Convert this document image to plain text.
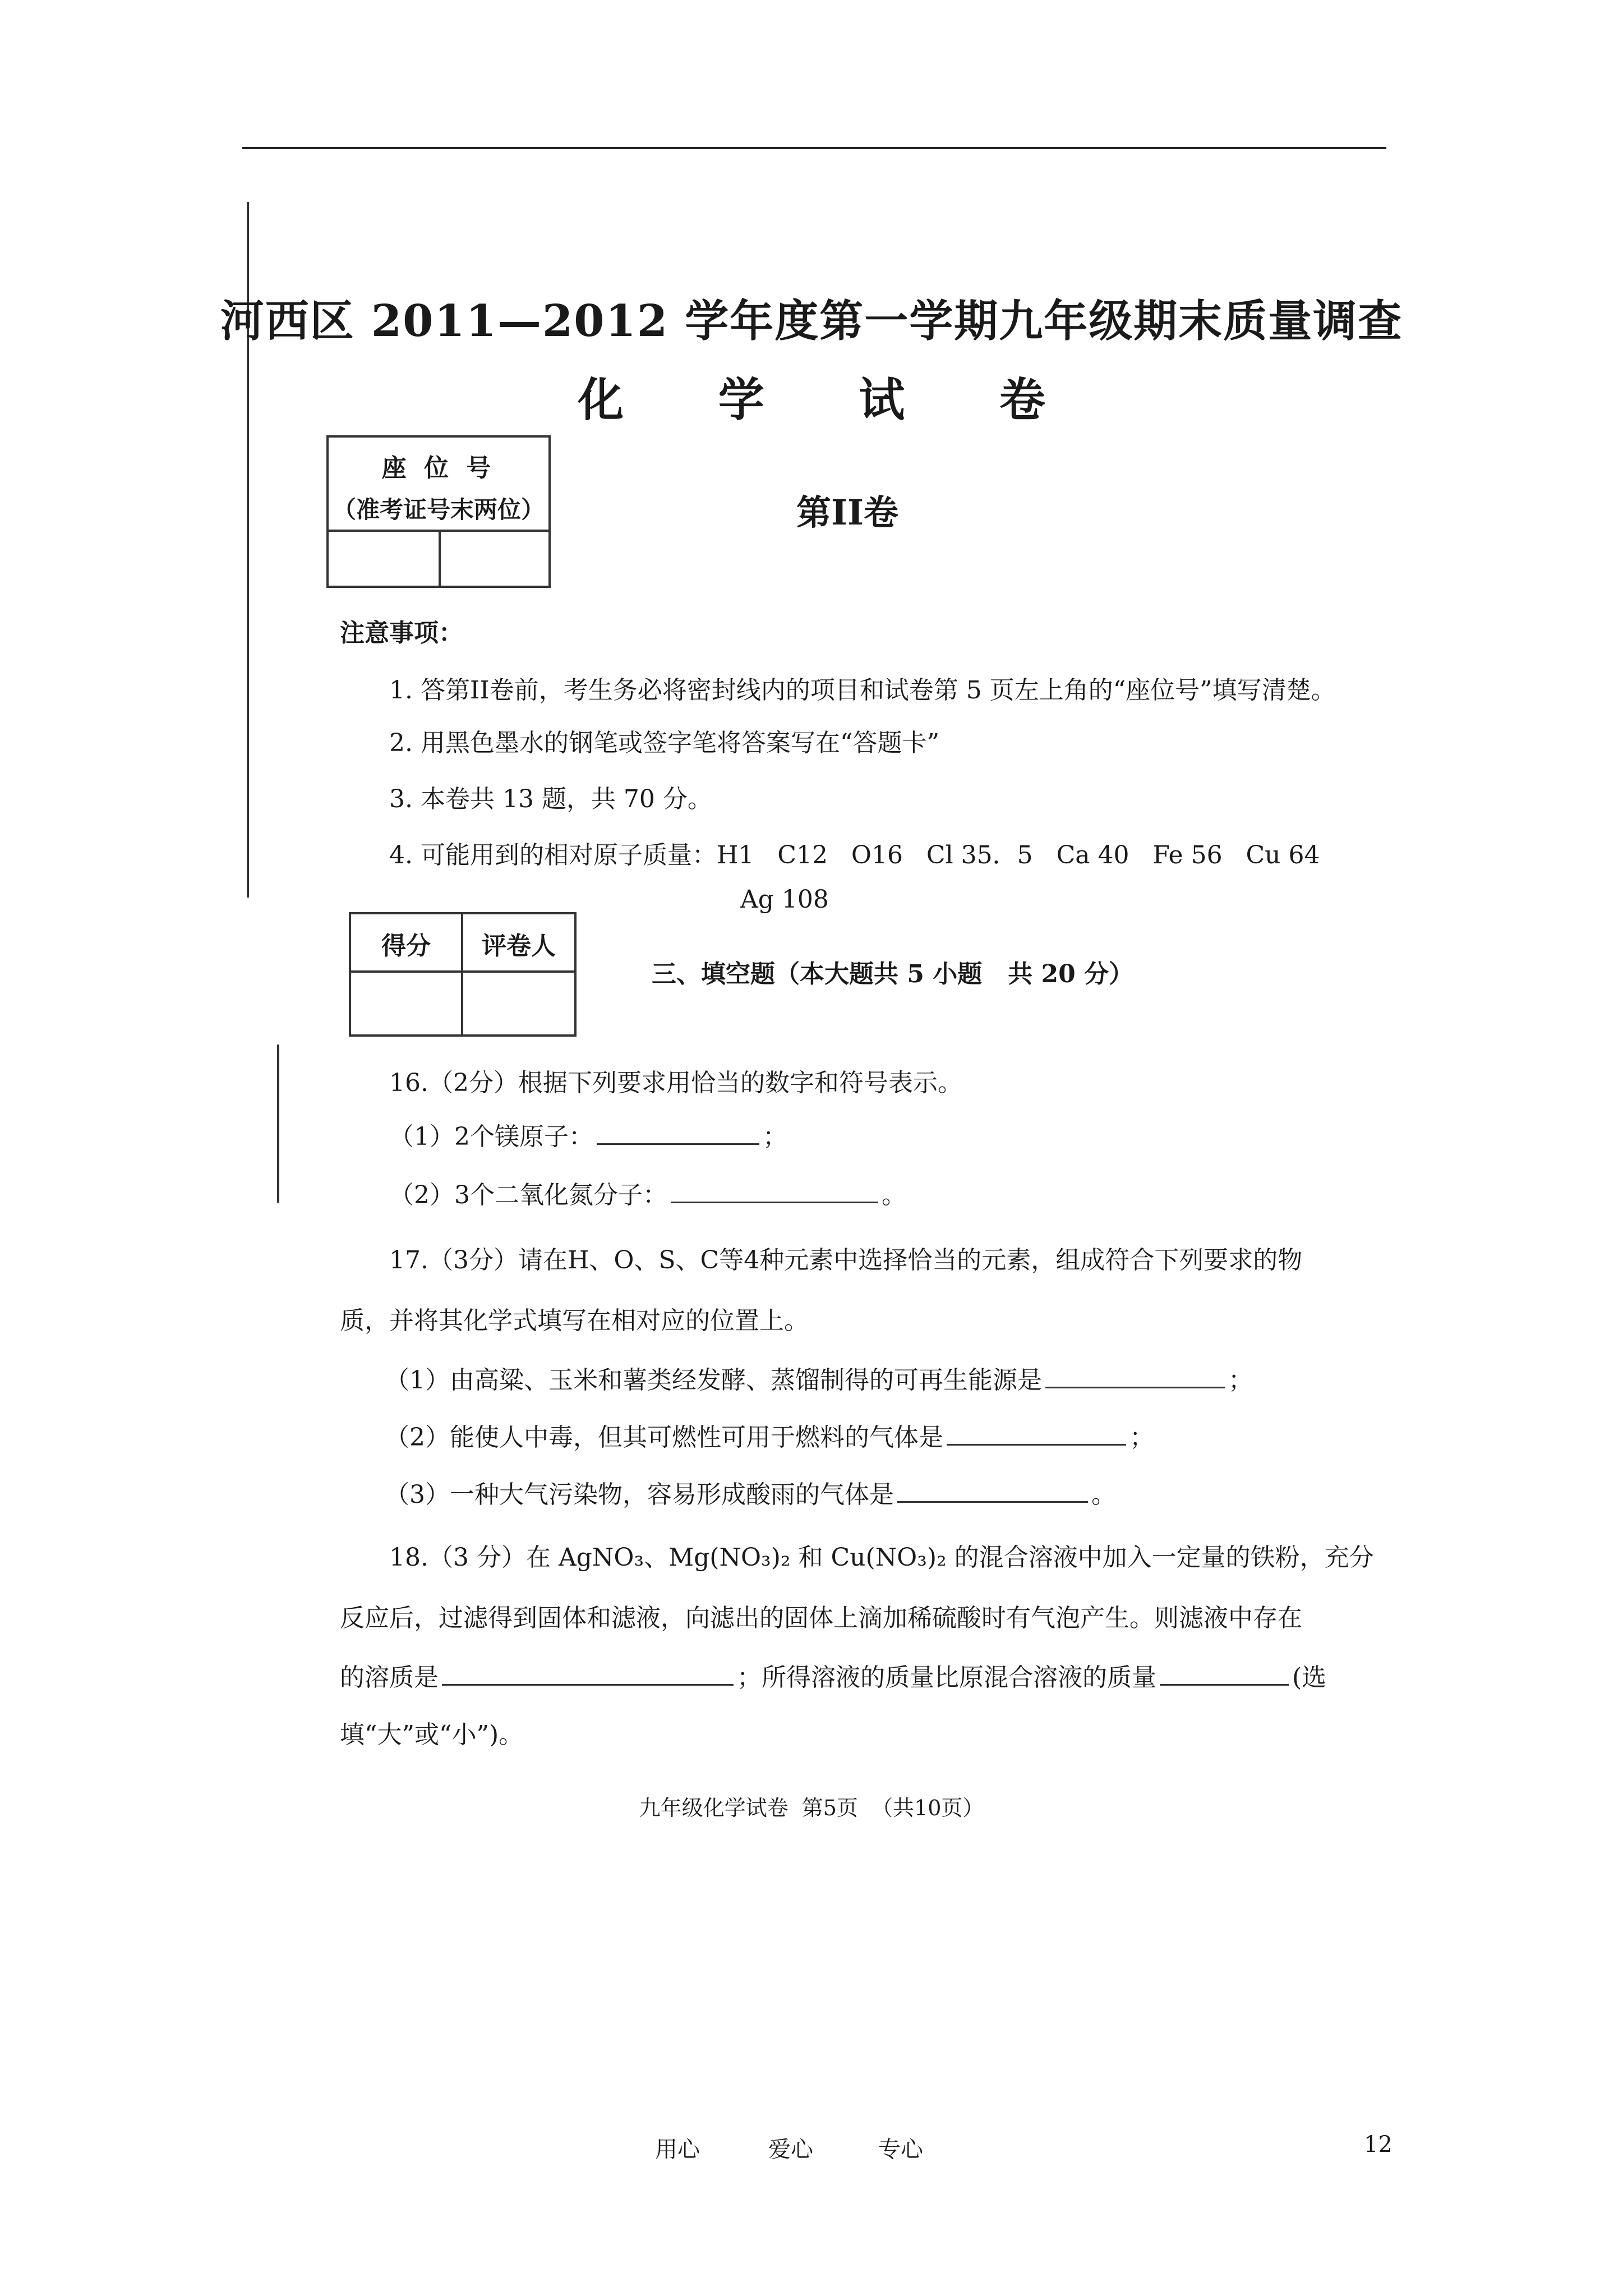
河西区 2011—2012 学年度第一学期九年级期末质量调查
化 学 试 卷
座 位 号
（准考证号末两位）	第II卷
注意事项：
1. 答第II卷前，考生务必将密封线内的项目和试卷第 5 页左上角的“座位号”填写清楚。
2. 用黑色墨水的钢笔或签字笔将答案写在“答题卡”
3. 本卷共 13 题，共 70 分。
4. 可能用到的相对原子质量：H1   C12   O16   Cl 35．5   Ca 40   Fe 56   Cu 64
Ag 108
得分	评卷人
三、填空题（本大题共 5 小题   共 20 分）
16.（2分）根据下列要求用恰当的数字和符号表示。
（1）2个镁原子：	；
（2）3个二氧化氮分子：	。
17.（3分）请在H、O、S、C等4种元素中选择恰当的元素，组成符合下列要求的物
质，并将其化学式填写在相对应的位置上。
（1）由高粱、玉米和薯类经发酵、蒸馏制得的可再生能源是	；
（2）能使人中毒，但其可燃性可用于燃料的气体是	；
（3）一种大气污染物，容易形成酸雨的气体是	。
18.（3 分）在 AgNO₃、Mg(NO₃)₂ 和 Cu(NO₃)₂ 的混合溶液中加入一定量的铁粉，充分
反应后，过滤得到固体和滤液，向滤出的固体上滴加稀硫酸时有气泡产生。则滤液中存在
的溶质是	；所得溶液的质量比原混合溶液的质量	(选
填“大”或“小”)。
九年级化学试卷  第5页  （共10页）
用心	爱心	专心	12
